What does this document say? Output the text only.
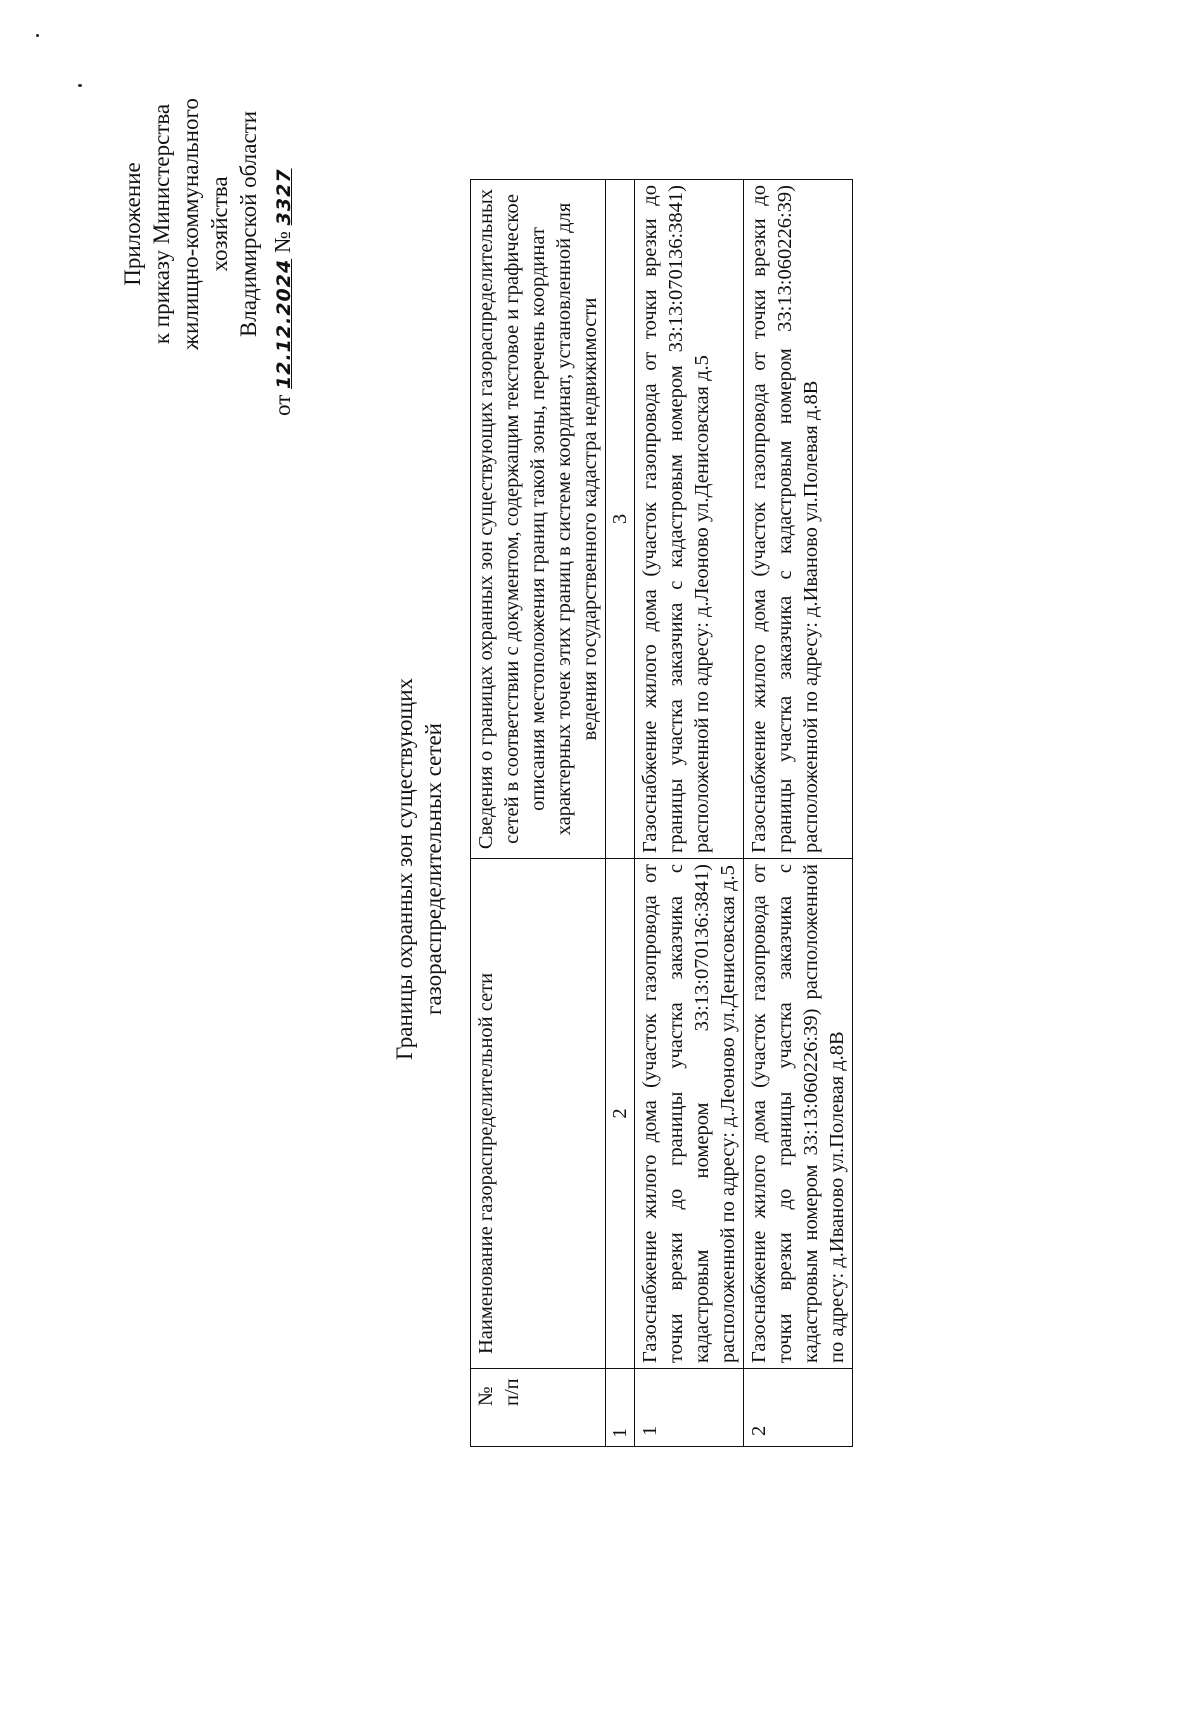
Приложение к приказу Министерства жилищно-коммунального хозяйства Владимирской области
от 12.12.2024 № 3327
Границы охранных зон существующих газораспределительных сетей
№ п/п	Наименование газораспределительной сети	Сведения о границах охранных зон существующих газораспределительных сетей в соответствии с документом, содержащим текстовое и графическое описания местоположения границ такой зоны, перечень координат характерных точек этих границ в системе координат, установленной для ведения государственного кадастра недвижимости
1	2	3
1	Газоснабжение жилого дома (участок газопровода от точки врезки до границы участка заказчика с кадастровым номером 33:13:070136:3841) расположенной по адресу: д.Леоново ул.Денисовская д.5	Газоснабжение жилого дома (участок газопровода от точки врезки до границы участка заказчика с кадастровым номером 33:13:070136:3841) расположенной по адресу: д.Леоново ул.Денисовская д.5
2	Газоснабжение жилого дома (участок газопровода от точки врезки до границы участка заказчика с кадастровым номером 33:13:060226:39) расположенной по адресу: д.Иваново ул.Полевая д.8В	Газоснабжение жилого дома (участок газопровода от точки врезки до границы участка заказчика с кадастровым номером 33:13:060226:39) расположенной по адресу: д.Иваново ул.Полевая д.8В
